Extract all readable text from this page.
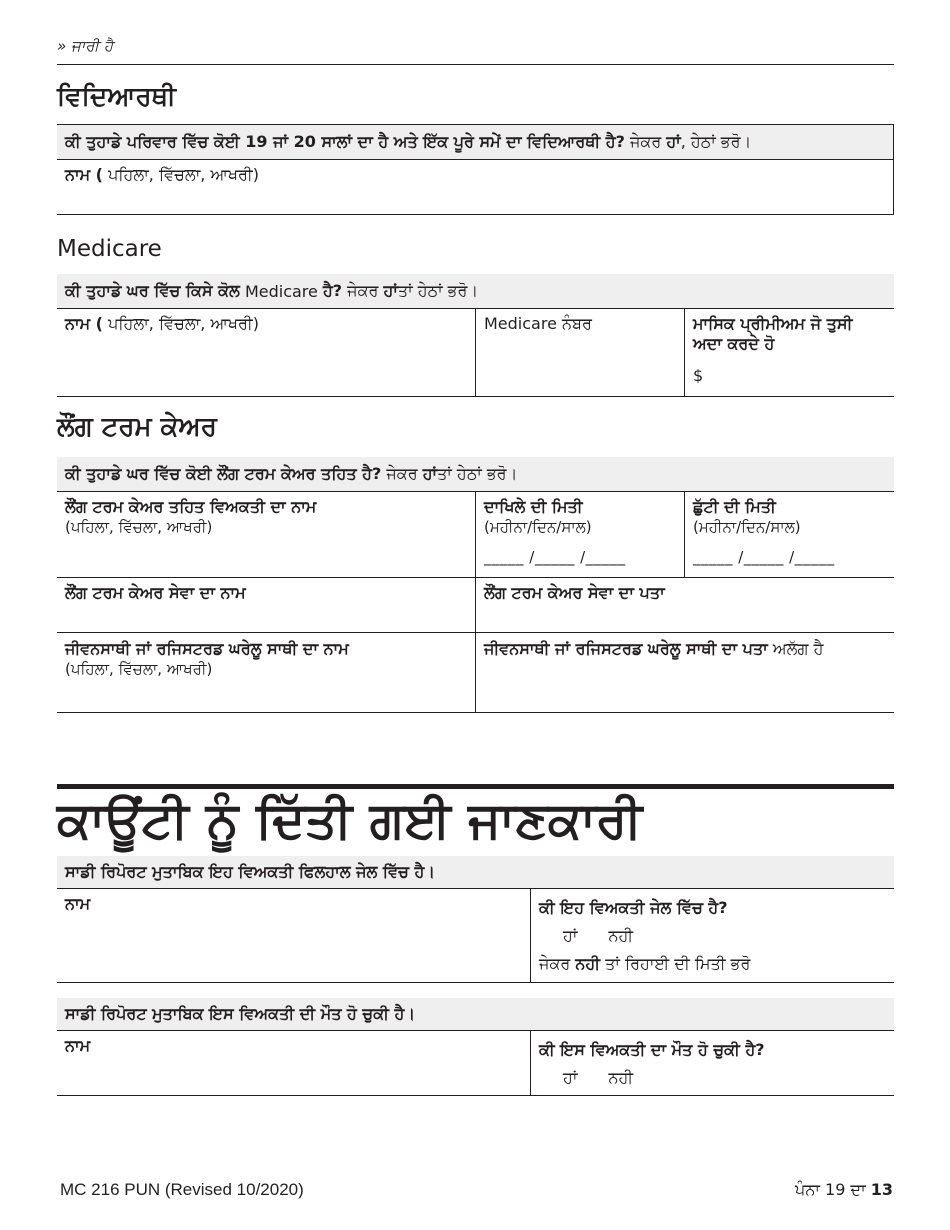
» ਜਾਰੀ ਹੈ
ਵਿਦਿਆਰਥੀ
ਕੀ ਤੁਹਾਡੇ ਪਰਿਵਾਰ ਵਿੱਚ ਕੋਈ 19 ਜਾਂ 20 ਸਾਲਾਂ ਦਾ ਹੈ ਅਤੇ ਇੱਕ ਪੂਰੇ ਸਮੇਂ ਦਾ ਵਿਦਿਆਰਥੀ ਹੈ? ਜੇਕਰ ਹਾਂ , ਹੇਠਾਂ ਭਰੋ।
ਨਾਮ ( ਪਹਿਲਾ, ਵਿੱਚਲਾ, ਆਖਰੀ)
Medicare
ਕੀ ਤੁਹਾਡੇ ਘਰ ਵਿੱਚ ਕਿਸੇ ਕੋਲ Medicare ਹੈ? ਜੇਕਰ ਹਾਂ ਤਾਂ ਹੇਠਾਂ ਭਰੋ।
ਨਾਮ ( ਪਹਿਲਾ, ਵਿੱਚਲਾ, ਆਖਰੀ)	Medicare ਨੰਬਰ	ਮਾਸਿਕ ਪ੍ਰੀਮੀਅਮ ਜੋ ਤੁਸੀ ਅਦਾ ਕਰਦੇ ਹੋ
$
ਲੌਂਗ ਟਰਮ ਕੇਅਰ
ਕੀ ਤੁਹਾਡੇ ਘਰ ਵਿੱਚ ਕੋਈ ਲੌਂਗ ਟਰਮ ਕੇਅਰ ਤਹਿਤ ਹੈ? ਜੇਕਰ ਹਾਂ ਤਾਂ ਹੇਠਾਂ ਭਰੋ।
ਲੌਂਗ ਟਰਮ ਕੇਅਰ ਤਹਿਤ ਵਿਅਕਤੀ ਦਾ ਨਾਮ
(ਪਹਿਲਾ, ਵਿੱਚਲਾ, ਆਖਰੀ)
ਦਾਖਿਲੇ ਦੀ ਮਿਤੀ
(ਮਹੀਨਾ/ਦਿਨ/ਸਾਲ)
_____ /_____ /_____
ਛੁੱਟੀ ਦੀ ਮਿਤੀ
(ਮਹੀਨਾ/ਦਿਨ/ਸਾਲ)
_____ /_____ /_____
ਲੌਂਗ ਟਰਮ ਕੇਅਰ ਸੇਵਾ ਦਾ ਨਾਮ	ਲੌਂਗ ਟਰਮ ਕੇਅਰ ਸੇਵਾ ਦਾ ਪਤਾ
ਜੀਵਨਸਾਥੀ ਜਾਂ ਰਜਿਸਟਰਡ ਘਰੇਲੂ ਸਾਥੀ ਦਾ ਨਾਮ
(ਪਹਿਲਾ, ਵਿੱਚਲਾ, ਆਖਰੀ)
ਜੀਵਨਸਾਥੀ ਜਾਂ ਰਜਿਸਟਰਡ ਘਰੇਲੂ ਸਾਥੀ ਦਾ ਪਤਾ ਅਲੱਗ ਹੈ
ਕਾਊਂਟੀ ਨੂੰ ਦਿੱਤੀ ਗਈ ਜਾਣਕਾਰੀ
ਸਾਡੀ ਰਿਪੋਰਟ ਮੁਤਾਬਿਕ ਇਹ ਵਿਅਕਤੀ ਫਿਲਹਾਲ ਜੇਲ ਵਿੱਚ ਹੈ।
ਨਾਮ	ਕੀ ਇਹ ਵਿਅਕਤੀ ਜੇਲ ਵਿੱਚ ਹੈ?
ਹਾਂ ਨਹੀ
ਜੇਕਰ ਨਹੀ ਤਾਂ ਰਿਹਾਈ ਦੀ ਮਿਤੀ ਭਰੋ
ਸਾਡੀ ਰਿਪੋਰਟ ਮੁਤਾਬਿਕ ਇਸ ਵਿਅਕਤੀ ਦੀ ਮੌਤ ਹੋ ਚੁਕੀ ਹੈ।
ਨਾਮ	ਕੀ ਇਸ ਵਿਅਕਤੀ ਦਾ ਮੌਤ ਹੋ ਚੁਕੀ ਹੈ?
ਹਾਂ ਨਹੀ
MC 216 PUN (Revised 10/2020)	ਪੰਨਾ 19 ਦਾ 13
